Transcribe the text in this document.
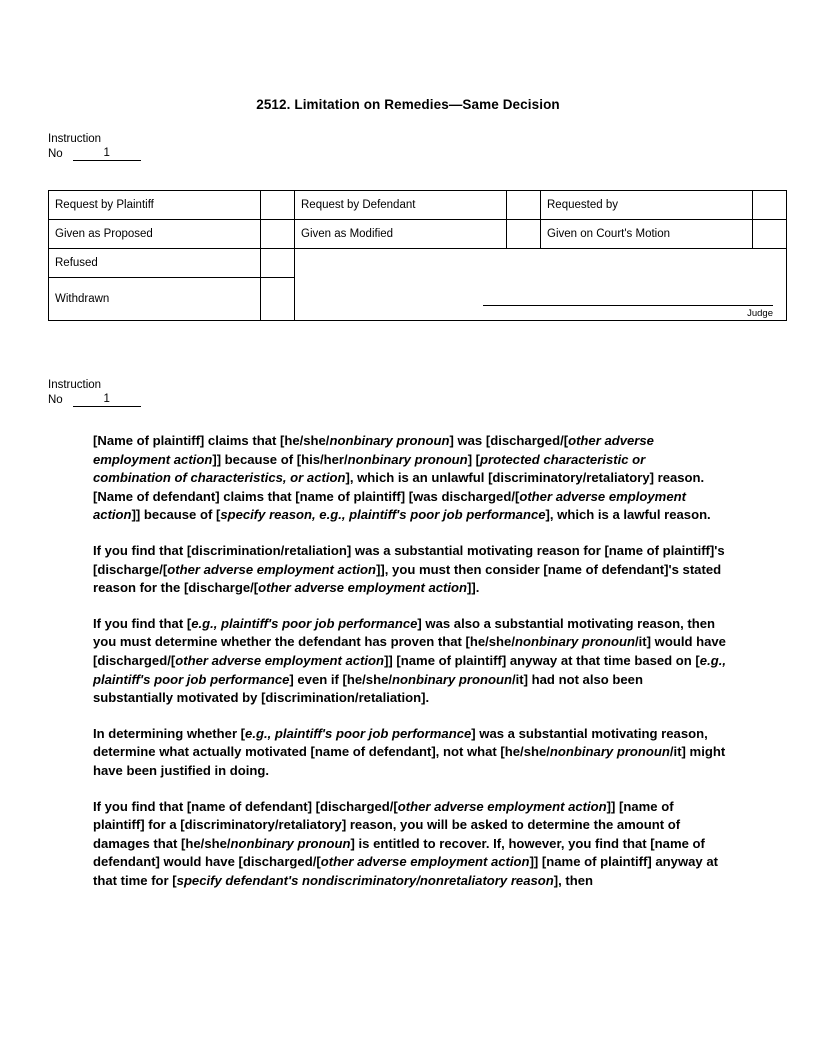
2512. Limitation on Remedies—Same Decision
Instruction
No	1
Request by Plaintiff		Request by Defendant		Requested by	
Given as Proposed		Given as Modified		Given on Court's Motion	
Refused		Judge			

Withdrawn					
Instruction
No	1

[Name of plaintiff] claims that [he/she/nonbinary pronoun] was [discharged/[other adverse employment action]] because of [his/her/nonbinary pronoun] [protected characteristic or combination of characteristics, or action], which is an unlawful [discriminatory/retaliatory] reason. [Name of defendant] claims that [name of plaintiff] [was discharged/[other adverse employment action]] because of [specify reason, e.g., plaintiff's poor job performance], which is a lawful reason.

If you find that [discrimination/retaliation] was a substantial motivating reason for [name of plaintiff]'s [discharge/[other adverse employment action]], you must then consider [name of defendant]'s stated reason for the [discharge/[other adverse employment action]].

If you find that [e.g., plaintiff's poor job performance] was also a substantial motivating reason, then you must determine whether the defendant has proven that [he/she/nonbinary pronoun/it] would have [discharged/[other adverse employment action]] [name of plaintiff] anyway at that time based on [e.g., plaintiff's poor job performance] even if [he/she/nonbinary pronoun/it] had not also been substantially motivated by [discrimination/retaliation].

In determining whether [e.g., plaintiff's poor job performance] was a substantial motivating reason, determine what actually motivated [name of defendant], not what [he/she/nonbinary pronoun/it] might have been justified in doing.

If you find that [name of defendant] [discharged/[other adverse employment action]] [name of plaintiff] for a [discriminatory/retaliatory] reason, you will be asked to determine the amount of damages that [he/she/nonbinary pronoun] is entitled to recover. If, however, you find that [name of defendant] would have [discharged/[other adverse employment action]] [name of plaintiff] anyway at that time for [specify defendant's nondiscriminatory/nonretaliatory reason], then
